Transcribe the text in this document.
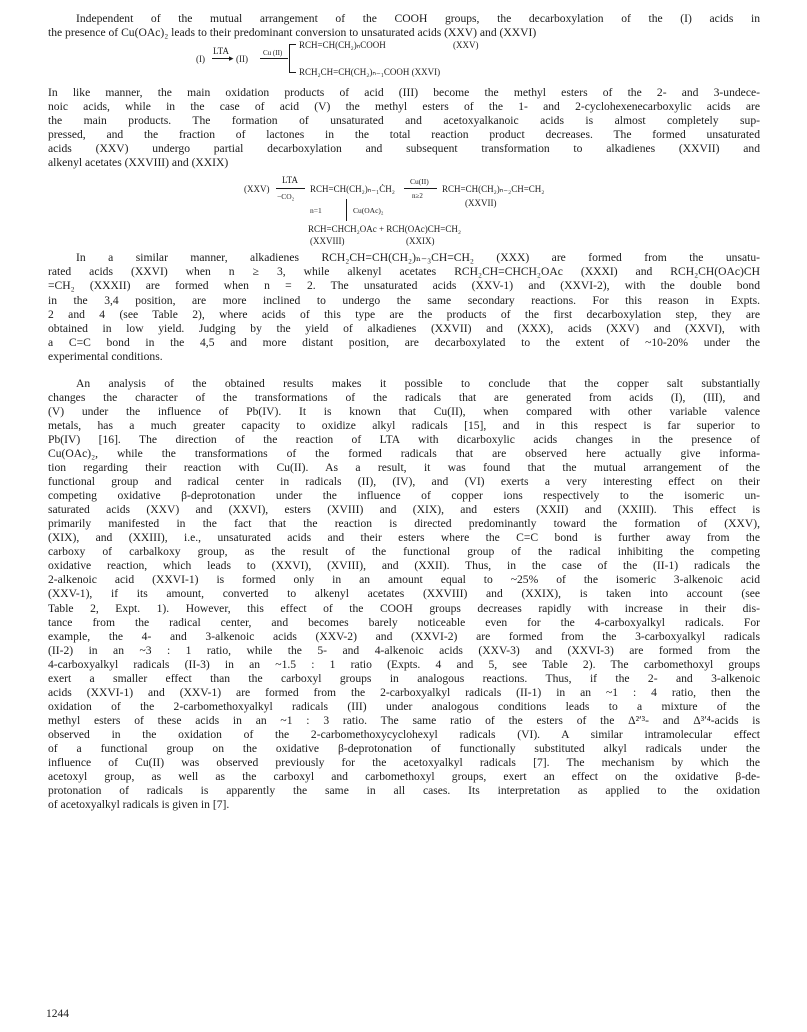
Independent of the mutual arrangement of the COOH groups, the decarboxylation of the (I) acids in

the presence of Cu(OAc)₂ leads to their predominant conversion to unsaturated acids (XXV) and (XXVI)

(I)
LTA
▸ (II)
Cu (II)
RCH=CH(CH₂)ₙCOOH	(XXV)
RCH₂CH=CH(CH₂)ₙ₋₁COOH (XXVI)

In like manner, the main oxidation products of acid (III) become the methyl esters of the 2- and 3-undece-

noic acids, while in the case of acid (V) the methyl esters of the 1- and 2-cyclohexenecarboxylic acids are

the main products. The formation of unsaturated and acetoxyalkanoic acids is almost completely sup-

pressed, and the fraction of lactones in the total reaction product decreases. The formed unsaturated

acids (XXV) undergo partial decarboxylation and subsequent transformation to alkadienes (XXVII) and

alkenyl acetates (XXVIII) and (XXIX)

(XXV)
LTA
−CO₂
RCH=CH(CH₂)ₙ₋₁ĊH₂
Cu(II)
n≥2
RCH=CH(CH₂)ₙ₋₂CH=CH₂
(XXVII)
n=1	Cu(OAc)₂
RCH=CHCH₂OAc + RCH(OAc)CH=CH₂
(XXVIII)	(XXIX)

In a similar manner, alkadienes RCH₂CH=CH(CH₂)ₙ₋₃CH=CH₂ (XXX) are formed from the unsatu-

rated acids (XXVI) when n ≥ 3, while alkenyl acetates RCH₂CH=CHCH₂OAc (XXXI) and RCH₂CH(OAc)CH

=CH₂ (XXXII) are formed when n = 2. The unsaturated acids (XXV-1) and (XXVI-2), with the double bond

in the 3,4 position, are more inclined to undergo the same secondary reactions. For this reason in Expts.

2 and 4 (see Table 2), where acids of this type are the products of the first decarboxylation step, they are

obtained in low yield. Judging by the yield of alkadienes (XXVII) and (XXX), acids (XXV) and (XXVI), with

a C=C bond in the 4,5 and more distant position, are decarboxylated to the extent of ~10-20% under the

experimental conditions.

An analysis of the obtained results makes it possible to conclude that the copper salt substantially

changes the character of the transformations of the radicals that are generated from acids (I), (III), and

(V) under the influence of Pb(IV). It is known that Cu(II), when compared with other variable valence

metals, has a much greater capacity to oxidize alkyl radicals [15], and in this respect is far superior to

Pb(IV) [16]. The direction of the reaction of LTA with dicarboxylic acids changes in the presence of

Cu(OAc)₂, while the transformations of the formed radicals that are observed here actually give informa-

tion regarding their reaction with Cu(II). As a result, it was found that the mutual arrangement of the

functional group and radical center in radicals (II), (IV), and (VI) exerts a very interesting effect on their

competing oxidative β-deprotonation under the influence of copper ions respectively to the isomeric un-

saturated acids (XXV) and (XXVI), esters (XVIII) and (XIX), and esters (XXII) and (XXIII). This effect is

primarily manifested in the fact that the reaction is directed predominantly toward the formation of (XXV),

(XIX), and (XXIII), i.e., unsaturated acids and their esters where the C=C bond is further away from the

carboxy of carbalkoxy group, as the result of the functional group of the radical inhibiting the competing

oxidative reaction, which leads to (XXVI), (XVIII), and (XXII). Thus, in the case of the (II-1) radicals the

2-alkenoic acid (XXVI-1) is formed only in an amount equal to ~25% of the isomeric 3-alkenoic acid

(XXV-1), if its amount, converted to alkenyl acetates (XXVIII) and (XXIX), is taken into account (see

Table 2, Expt. 1). However, this effect of the COOH groups decreases rapidly with increase in their dis-

tance from the radical center, and becomes barely noticeable even for the 4-carboxyalkyl radicals. For

example, the 4- and 3-alkenoic acids (XXV-2) and (XXVI-2) are formed from the 3-carboxyalkyl radicals

(II-2) in an ~3 : 1 ratio, while the 5- and 4-alkenoic acids (XXV-3) and (XXVI-3) are formed from the

4-carboxyalkyl radicals (II-3) in an ~1.5 : 1 ratio (Expts. 4 and 5, see Table 2). The carbomethoxyl groups

exert a smaller effect than the carboxyl groups in analogous reactions. Thus, if the 2- and 3-alkenoic

acids (XXVI-1) and (XXV-1) are formed from the 2-carboxyalkyl radicals (II-1) in an ~1 : 4 ratio, then the

oxidation of the 2-carbomethoxyalkyl radicals (III) under analogous conditions leads to a mixture of the

methyl esters of these acids in an ~1 : 3 ratio. The same ratio of the esters of the Δ²ʹ³- and Δ³ʹ⁴-acids is

observed in the oxidation of the 2-carbomethoxycyclohexyl radicals (VI). A similar intramolecular effect

of a functional group on the oxidative β-deprotonation of functionally substituted alkyl radicals under the

influence of Cu(II) was observed previously for the acetoxyalkyl radicals [7]. The mechanism by which the

acetoxyl group, as well as the carboxyl and carbomethoxyl groups, exert an effect on the oxidative β-de-

protonation of radicals is apparently the same in all cases. Its interpretation as applied to the oxidation

of acetoxyalkyl radicals is given in [7].

1244
